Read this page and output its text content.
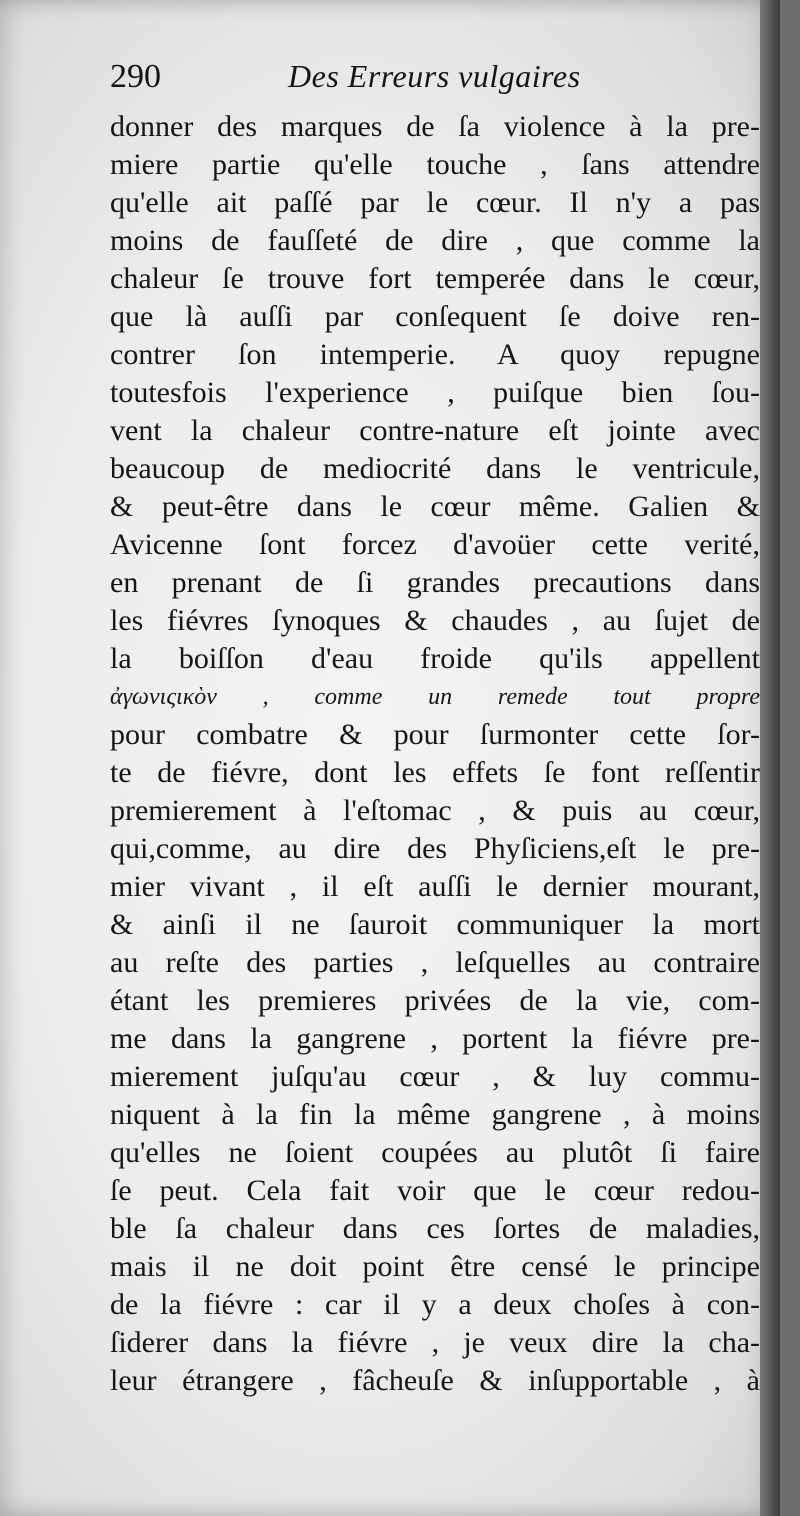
290	Des Erreurs vulgaires
donner des marques de ſa violence à la pre-
miere partie qu'elle touche , ſans attendre
qu'elle ait paſſé par le cœur. Il n'y a pas
moins de fauſſeté de dire , que comme la
chaleur ſe trouve fort temperée dans le cœur,
que là auſſi par conſequent ſe doive ren-
contrer ſon intemperie. A quoy repugne
toutesfois l'experience , puiſque bien ſou-
vent la chaleur contre-nature eſt jointe avec
beaucoup de mediocrité dans le ventricule,
& peut-être dans le cœur même. Galien &
Avicenne ſont forcez d'avoüer cette verité,
en prenant de ſi grandes precautions dans
les fiévres ſynoques & chaudes , au ſujet de
la boiſſon d'eau froide qu'ils appellent
ἀγωνιςικὸν , comme un remede tout propre
pour combatre & pour ſurmonter cette ſor-
te de fiévre, dont les effets ſe font reſſentir
premierement à l'eſtomac , & puis au cœur,
qui,comme, au dire des Phyſiciens,eſt le pre-
mier vivant , il eſt auſſi le dernier mourant,
& ainſi il ne ſauroit communiquer la mort
au reſte des parties , leſquelles au contraire
étant les premieres privées de la vie, com-
me dans la gangrene , portent la fiévre pre-
mierement juſqu'au cœur , & luy commu-
niquent à la fin la même gangrene , à moins
qu'elles ne ſoient coupées au plutôt ſi faire
ſe peut. Cela fait voir que le cœur redou-
ble ſa chaleur dans ces ſortes de maladies,
mais il ne doit point être censé le principe
de la fiévre : car il y a deux choſes à con-
ſiderer dans la fiévre , je veux dire la cha-
leur étrangere , fâcheuſe & inſupportable , à
